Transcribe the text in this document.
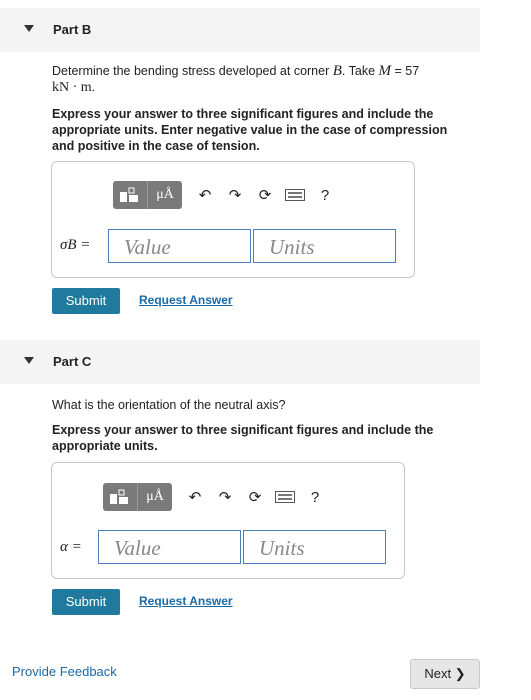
Part B
Determine the bending stress developed at corner B. Take M = 57
kN · m.
Express your answer to three significant figures and include the appropriate units. Enter negative value in the case of compression and positive in the case of tension.
μÅ	↶	↷	⟳	?
σB =	Value	Units
Submit	Request Answer
Part C
What is the orientation of the neutral axis?
Express your answer to three significant figures and include the appropriate units.
μÅ	↶	↷	⟳	?
α =	Value	Units
Submit	Request Answer
Provide Feedback	Next ❯
